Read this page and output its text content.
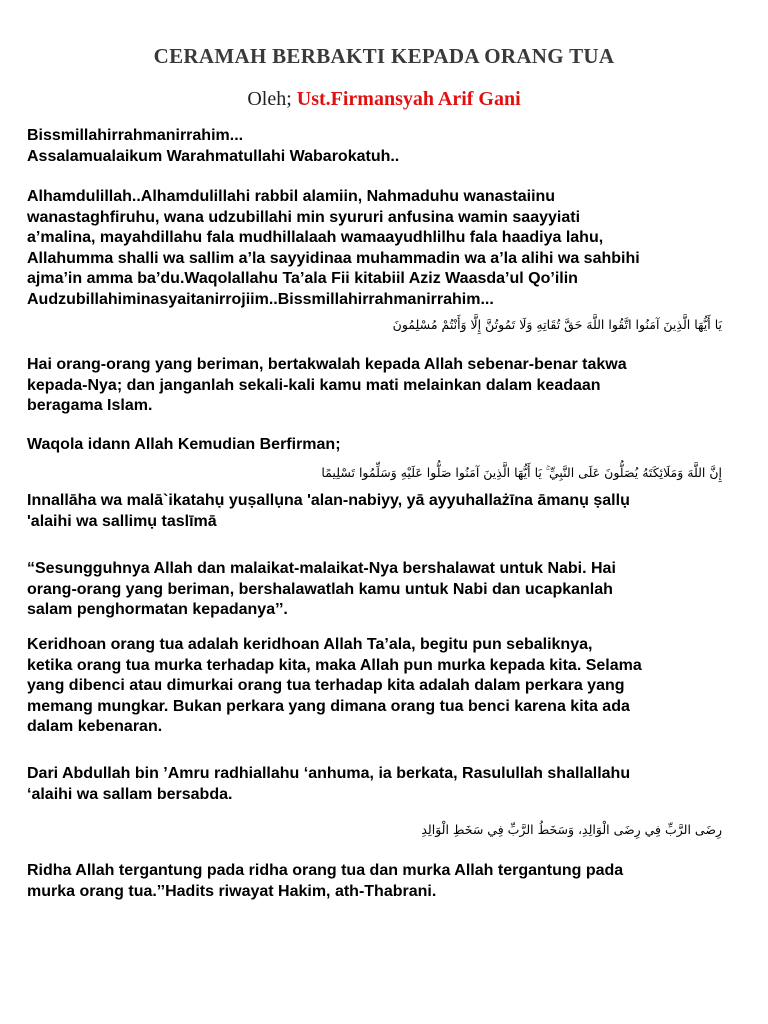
CERAMAH BERBAKTI KEPADA ORANG TUA
Oleh; Ust.Firmansyah Arif Gani
Bissmillahirrahmanirrahim...
Assalamualaikum Warahmatullahi Wabarokatuh..
Alhamdulillah..Alhamdulillahi rabbil alamiin, Nahmaduhu wanastaiinu
wanastaghfiruhu, wana udzubillahi min syururi anfusina wamin saayyiati
a’malina, mayahdillahu fala mudhillalaah wamaayudhlilhu fala haadiya lahu,
Allahumma shalli wa sallim a’la sayyidinaa muhammadin wa a’la alihi wa sahbihi
ajma’in amma ba’du.Waqolallahu Ta’ala Fii kitabiil Aziz Waasda’ul Qo’ilin
Audzubillahiminasyaitanirrojiim..Bissmillahirrahmanirrahim...
يَا أَيُّهَا الَّذِينَ آمَنُوا اتَّقُوا اللَّهَ حَقَّ تُقَاتِهِ وَلَا تَمُوتُنَّ إِلَّا وَأَنْتُمْ مُسْلِمُونَ
Hai orang-orang yang beriman, bertakwalah kepada Allah sebenar-benar takwa
kepada-Nya; dan janganlah sekali-kali kamu mati melainkan dalam keadaan
beragama Islam.
Waqola idann Allah Kemudian Berfirman;
إِنَّ اللَّهَ وَمَلَائِكَتَهُ يُصَلُّونَ عَلَى النَّبِيِّ ۚ يَا أَيُّهَا الَّذِينَ آمَنُوا صَلُّوا عَلَيْهِ وَسَلِّمُوا تَسْلِيمًا
Innallāha wa malā`ikatahụ yuṣallụna 'alan-nabiyy, yā ayyuhallażīna āmanụ ṣallụ
'alaihi wa sallimụ taslīmā
“Sesungguhnya Allah dan malaikat-malaikat-Nya bershalawat untuk Nabi. Hai
orang-orang yang beriman, bershalawatlah kamu untuk Nabi dan ucapkanlah
salam penghormatan kepadanya’’.
Keridhoan orang tua adalah keridhoan Allah Ta’ala, begitu pun sebaliknya,
ketika orang tua murka terhadap kita, maka Allah pun murka kepada kita. Selama
yang dibenci atau dimurkai orang tua terhadap kita adalah dalam perkara yang
memang mungkar. Bukan perkara yang dimana orang tua benci karena kita ada
dalam kebenaran.
Dari Abdullah bin ’Amru radhiallahu ‘anhuma, ia berkata, Rasulullah shallallahu
‘alaihi wa sallam bersabda.
رِضَى الرَّبِّ فِي رِضَى الْوَالِدِ، وَسَخَطُ الرَّبِّ فِي سَخَطِ الْوَالِدِ
Ridha Allah tergantung pada ridha orang tua dan murka Allah tergantung pada
murka orang tua.’’Hadits riwayat Hakim, ath-Thabrani.
